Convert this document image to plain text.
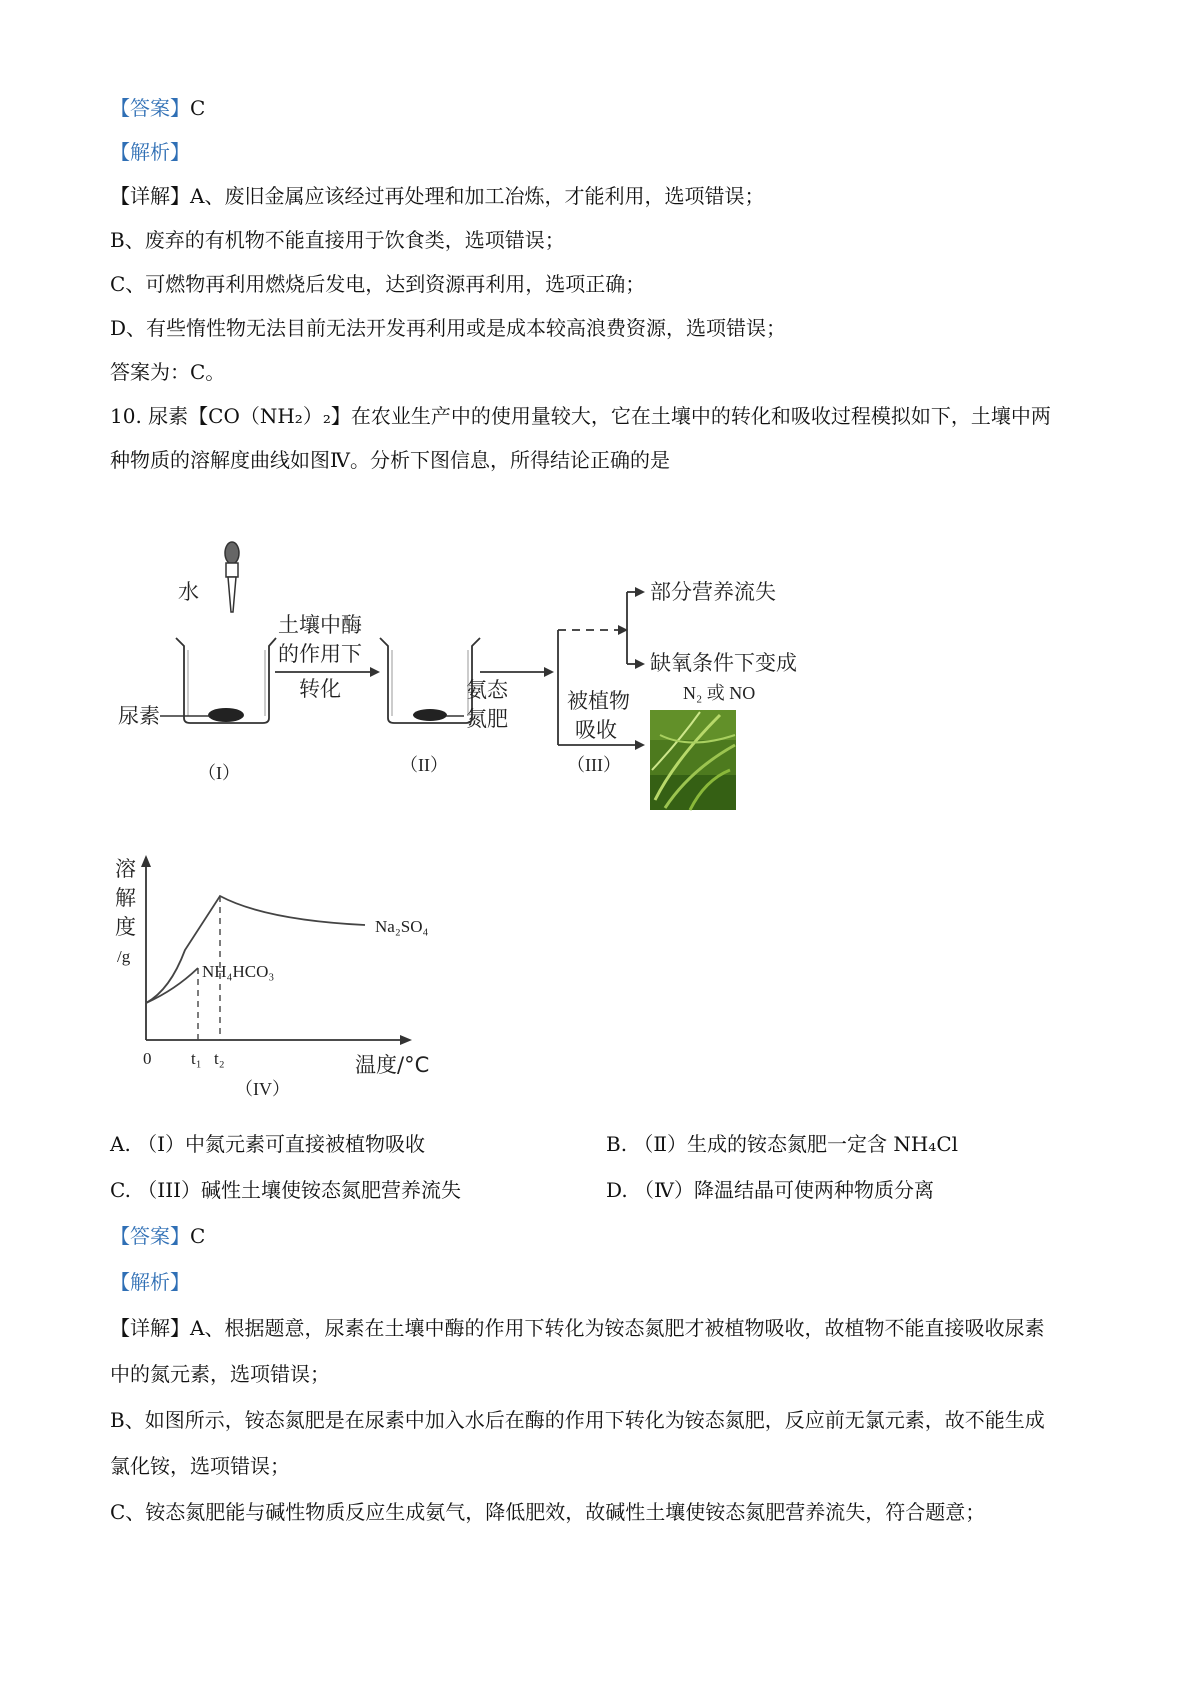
【答案】C
【解析】
【详解】A、废旧金属应该经过再处理和加工冶炼，才能利用，选项错误；
B、废弃的有机物不能直接用于饮食类，选项错误；
C、可燃物再利用燃烧后发电，达到资源再利用，选项正确；
D、有些惰性物无法目前无法开发再利用或是成本较高浪费资源，选项错误；
答案为：C。
10. 尿素【CO（NH₂）₂】在农业生产中的使用量较大，它在土壤中的转化和吸收过程模拟如下，土壤中两
种物质的溶解度曲线如图Ⅳ。分析下图信息，所得结论正确的是
水
尿素
（I）
土壤中酶
的作用下
转化	氨态
氮肥
（II）
部分营养流失
缺氧条件下变成
N₂ 或 NO
被植物
吸收
（III）
溶
解
度
/g
Na₂SO₄
NH₄HCO₃
0 t₁ t₂	温度/°C
（IV）
A. （Ⅰ）中氮元素可直接被植物吸收	B. （Ⅱ）生成的铵态氮肥一定含 NH₄Cl
C. （III）碱性土壤使铵态氮肥营养流失	D. （Ⅳ）降温结晶可使两种物质分离
【答案】C
【解析】
【详解】A、根据题意，尿素在土壤中酶的作用下转化为铵态氮肥才被植物吸收，故植物不能直接吸收尿素
中的氮元素，选项错误；
B、如图所示，铵态氮肥是在尿素中加入水后在酶的作用下转化为铵态氮肥，反应前无氯元素，故不能生成
氯化铵，选项错误；
C、铵态氮肥能与碱性物质反应生成氨气，降低肥效，故碱性土壤使铵态氮肥营养流失，符合题意；
